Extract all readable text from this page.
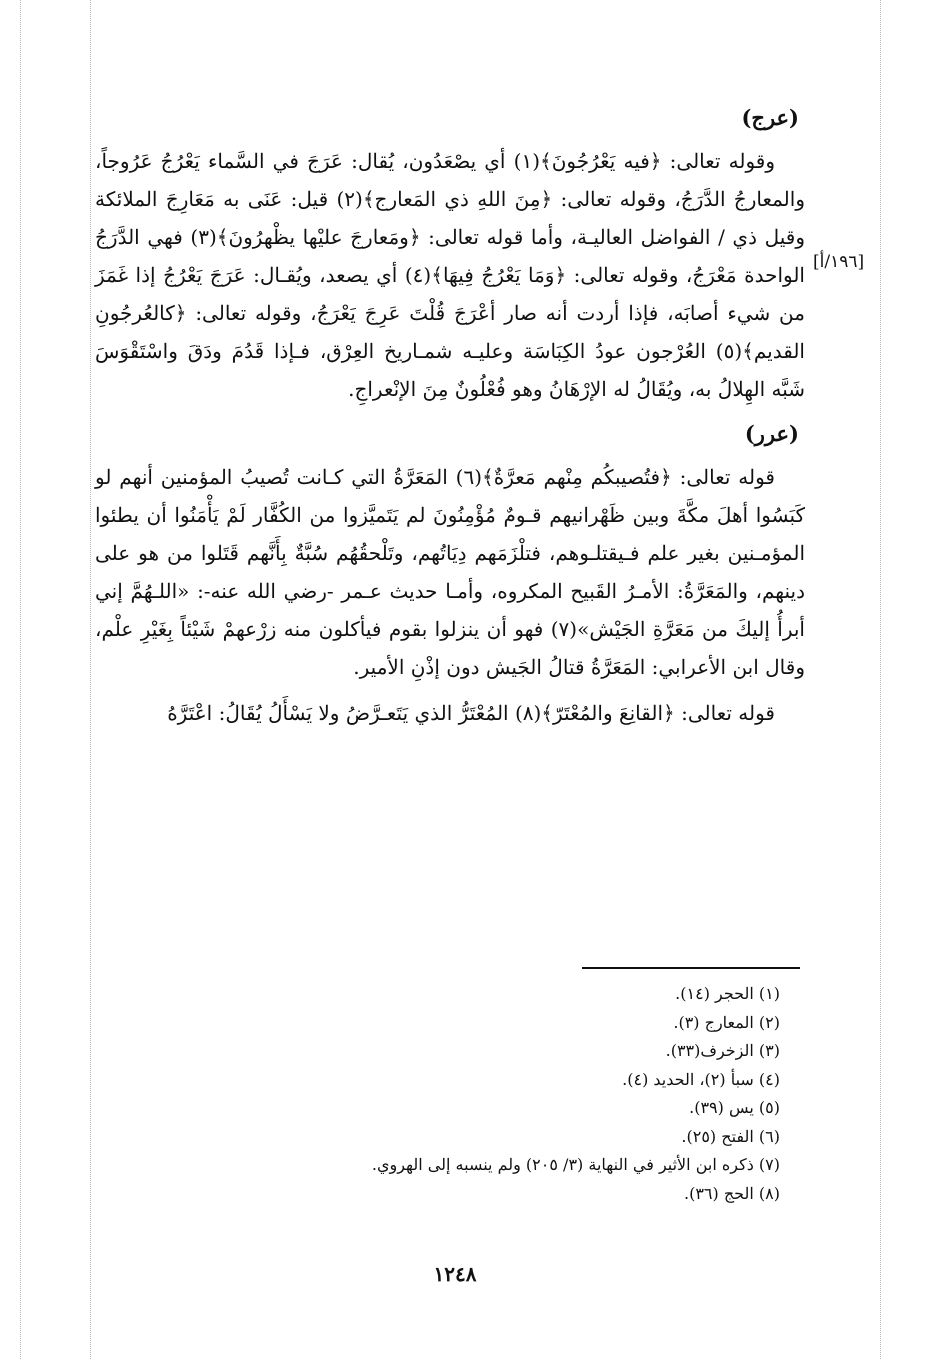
(عرج)

وقوله تعالى: ﴿فيه يَعْرُجُونَ﴾(١) أي يصْعَدُون، يُقال: عَرَجَ في السَّماء يَعْرُجُ عَرُوجاً، والمعارجُ الدَّرَجُ، وقوله تعالى: ﴿مِنَ اللهِ ذي المَعارج﴾(٢) قيل: عَنَى به مَعَارِجَ الملائكة وقيل ذي / الفواضل العاليـة، وأما قوله تعالى: ﴿ومَعارجَ عليْها يظْهرُونَ﴾(٣) فهي الدَّرَجُ الواحدة مَعْرَجُ، وقوله تعالى: ﴿وَمَا يَعْرُجُ فِيهَا﴾(٤) أي يصعد، ويُقـال: عَرَجَ يَعْرُجُ إذا غَمَزَ من شيء أصابَه، فإذا أردت أنه صار أعْرَجَ قُلْتَ عَرِجَ يَعْرَجُ، وقوله تعالى: ﴿كالعُرجُونِ القديم﴾(٥) العُرْجون عودُ الكِبَاسَة وعليـه شمـاريخ العِرْق، فـإذا قَدُمَ ودَقَ واسْتَقْوَسَ شَبَّه الهِلالُ به، ويُقَالُ له الإرْهَانُ وهو فُعْلُونٌ مِنَ الإنْعراجِ.

(عرر)

قوله تعالى: ﴿فتُصيبكُم مِنْهم مَعرَّةٌ﴾(٦) المَعَرَّةُ التي كـانت تُصيبُ المؤمنين أنهم لو كَبَسُوا أهلَ مكَّةَ وبين ظَهْرانيهم قـومٌ مُؤْمِنُونَ لم يَتَميَّزوا من الكُفَّار لَمْ يَأْمَنُوا أن يطئوا المؤمـنين بغير علم فـيقتلـوهم، فتلْزَمَهم دِيَاتُهم، وتَلْحقُهُم سُبَّةٌ بِأَنَّهم قَتَلوا من هو على دينهم، والمَعَرَّةُ: الأمـرُ القَبيح المكروه، وأمـا حديث عـمر -رضي الله عنه-: «اللـهُمَّ إني أبرأُ إليكَ من مَعَرَّةِ الجَيْش»(٧) فهو أن ينزلوا بقوم فيأكلون منه زرْعهمْ شَيْئاً بِغَيْرِ علْم، وقال ابن الأعرابي: المَعَرَّةُ قتالُ الجَيش دون إذْنِ الأمير.

قوله تعالى: ﴿القانِعَ والمُعْتَرّ﴾(٨) المُعْتَرُّ الذي يَتَعـرَّضُ ولا يَسْأَلُ يُقَالُ: اعْتَرَّهُ

[١٩٦/أ]
(١) الحجر (١٤).
(٢) المعارج (٣).
(٣) الزخرف(٣٣).
(٤) سبأ (٢)، الحديد (٤).
(٥) يس (٣٩).
(٦) الفتح (٢٥).
(٧) ذكره ابن الأثير في النهاية (٣/ ٢٠٥) ولم ينسبه إلى الهروي.
(٨) الحج (٣٦).
١٢٤٨
